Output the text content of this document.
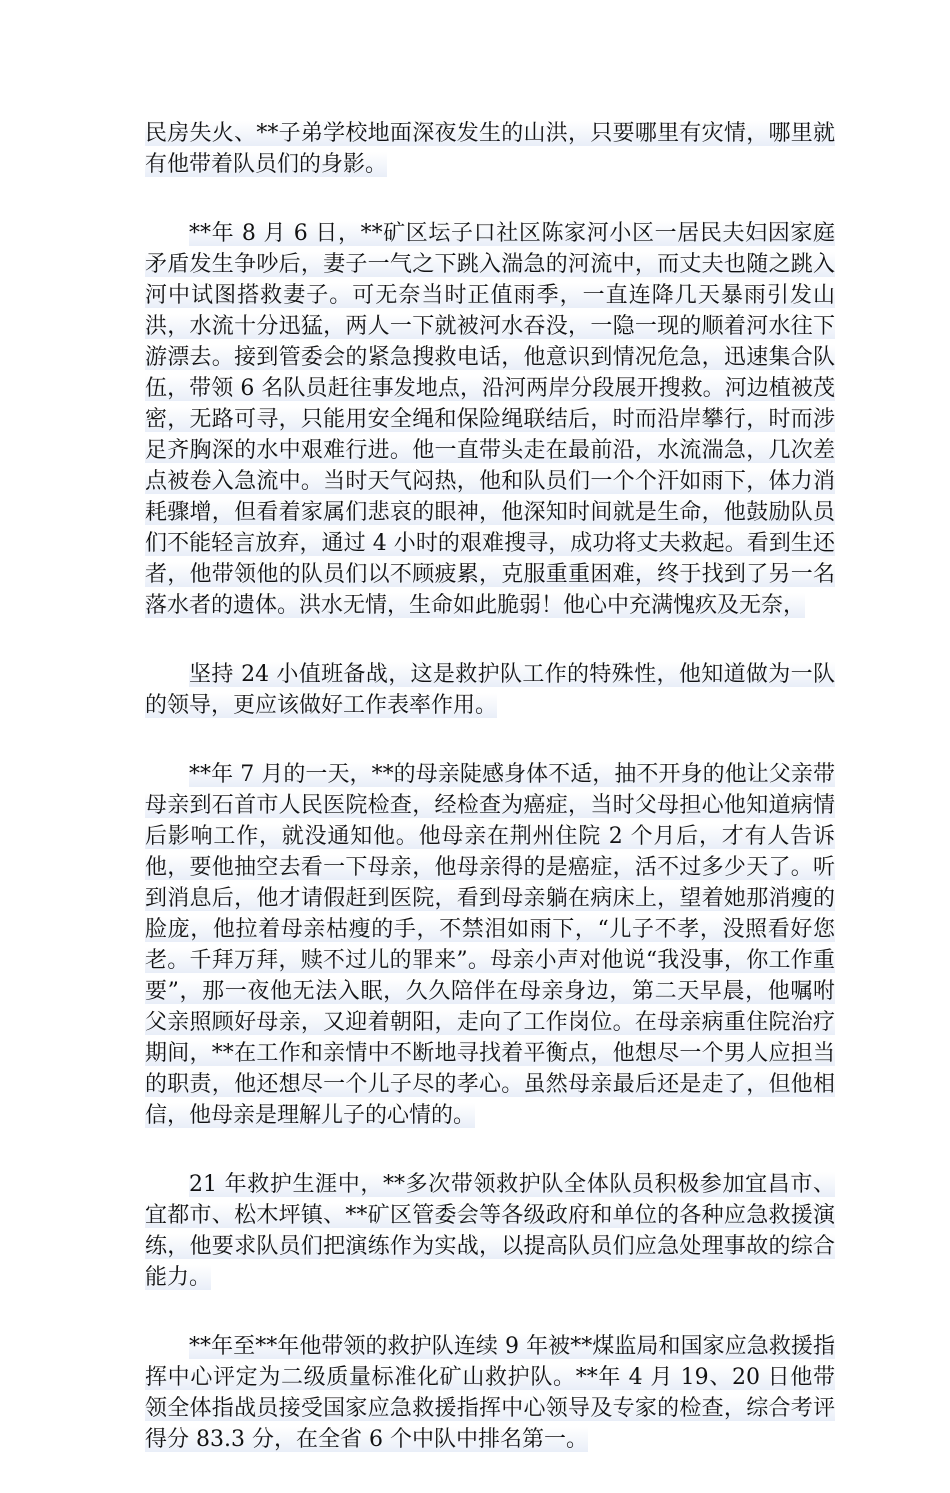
民房失火、**子弟学校地面深夜发生的山洪，只要哪里有灾情，哪里就有他带着队员们的身影。

**年 8 月 6 日，**矿区坛子口社区陈家河小区一居民夫妇因家庭矛盾发生争吵后，妻子一气之下跳入湍急的河流中，而丈夫也随之跳入河中试图搭救妻子。可无奈当时正值雨季，一直连降几天暴雨引发山洪，水流十分迅猛，两人一下就被河水吞没，一隐一现的顺着河水往下游漂去。接到管委会的紧急搜救电话，他意识到情况危急，迅速集合队伍，带领 6 名队员赶往事发地点，沿河两岸分段展开搜救。河边植被茂密，无路可寻，只能用安全绳和保险绳联结后，时而沿岸攀行，时而涉足齐胸深的水中艰难行进。他一直带头走在最前沿，水流湍急，几次差点被卷入急流中。当时天气闷热，他和队员们一个个汗如雨下，体力消耗骤增，但看着家属们悲哀的眼神，他深知时间就是生命，他鼓励队员们不能轻言放弃，通过 4 小时的艰难搜寻，成功将丈夫救起。看到生还者，他带领他的队员们以不顾疲累，克服重重困难，终于找到了另一名落水者的遗体。洪水无情，生命如此脆弱！他心中充满愧疚及无奈，

坚持 24 小值班备战，这是救护队工作的特殊性，他知道做为一队的领导，更应该做好工作表率作用。

**年 7 月的一天，**的母亲陡感身体不适，抽不开身的他让父亲带母亲到石首市人民医院检查，经检查为癌症，当时父母担心他知道病情后影响工作，就没通知他。他母亲在荆州住院 2 个月后，才有人告诉他，要他抽空去看一下母亲，他母亲得的是癌症，活不过多少天了。听到消息后，他才请假赶到医院，看到母亲躺在病床上，望着她那消瘦的脸庞，他拉着母亲枯瘦的手，不禁泪如雨下，“儿子不孝，没照看好您老。千拜万拜，赎不过儿的罪来”。母亲小声对他说“我没事，你工作重要”，那一夜他无法入眠，久久陪伴在母亲身边，第二天早晨，他嘱咐父亲照顾好母亲，又迎着朝阳，走向了工作岗位。在母亲病重住院治疗期间，**在工作和亲情中不断地寻找着平衡点，他想尽一个男人应担当的职责，他还想尽一个儿子尽的孝心。虽然母亲最后还是走了，但他相信，他母亲是理解儿子的心情的。

21 年救护生涯中，**多次带领救护队全体队员积极参加宜昌市、宜都市、松木坪镇、**矿区管委会等各级政府和单位的各种应急救援演练，他要求队员们把演练作为实战，以提高队员们应急处理事故的综合能力。

**年至**年他带领的救护队连续 9 年被**煤监局和国家应急救援指挥中心评定为二级质量标准化矿山救护队。**年 4 月 19、20 日他带领全体指战员接受国家应急救援指挥中心领导及专家的检查，综合考评得分 83.3 分，在全省 6 个中队中排名第一。
